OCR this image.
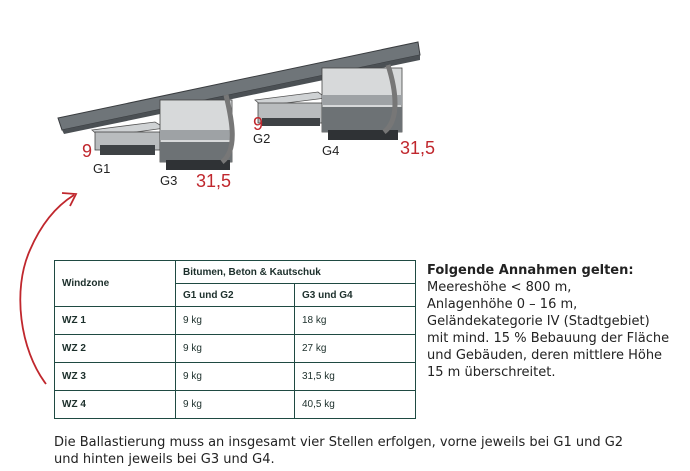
9
9
31,5
31,5
G1
G2
G3
G4
Windzone	Bitumen, Beton & Kautschuk	
	G1 und G2	G3 und G4
WZ 1	9 kg	18 kg
WZ 2	9 kg	27 kg
WZ 3	9 kg	31,5 kg
WZ 4	9 kg	40,5 kg
Folgende Annahmen gelten:
Meereshöhe < 800 m,
Anlagenhöhe 0 – 16 m,
Geländekategorie IV (Stadtgebiet)
mit mind. 15 % Bebauung der Fläche
und Gebäuden, deren mittlere Höhe
15 m überschreitet.
Die Ballastierung muss an insgesamt vier Stellen erfolgen, vorne jeweils bei G1 und G2
und hinten jeweils bei G3 und G4.
